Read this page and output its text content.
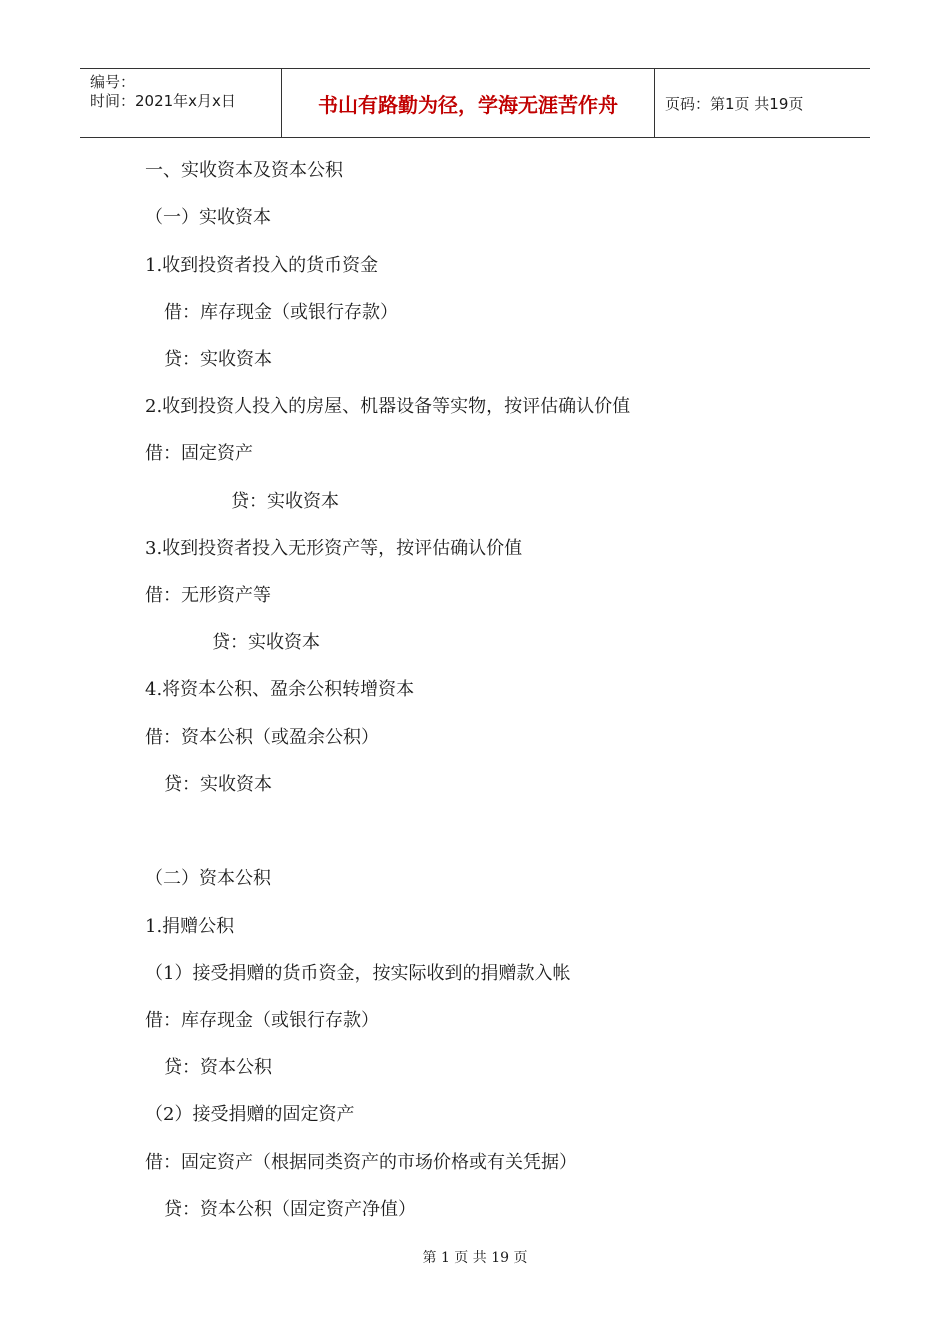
编号：
时间：2021年x月x日	书山有路勤为径，学海无涯苦作舟	页码：第1页 共19页
一、实收资本及资本公积
（一）实收资本
1.收到投资者投入的货币资金
借：库存现金（或银行存款）
贷：实收资本
2.收到投资人投入的房屋、机器设备等实物，按评估确认价值
借：固定资产
贷：实收资本
3.收到投资者投入无形资产等，按评估确认价值
借：无形资产等
贷：实收资本
4.将资本公积、盈余公积转增资本
借：资本公积（或盈余公积）
贷：实收资本
（二）资本公积
1.捐赠公积
（1）接受捐赠的货币资金，按实际收到的捐赠款入帐
借：库存现金（或银行存款）
贷：资本公积
（2）接受捐赠的固定资产
借：固定资产（根据同类资产的市场价格或有关凭据）
贷：资本公积（固定资产净值）
第 1 页 共 19 页
